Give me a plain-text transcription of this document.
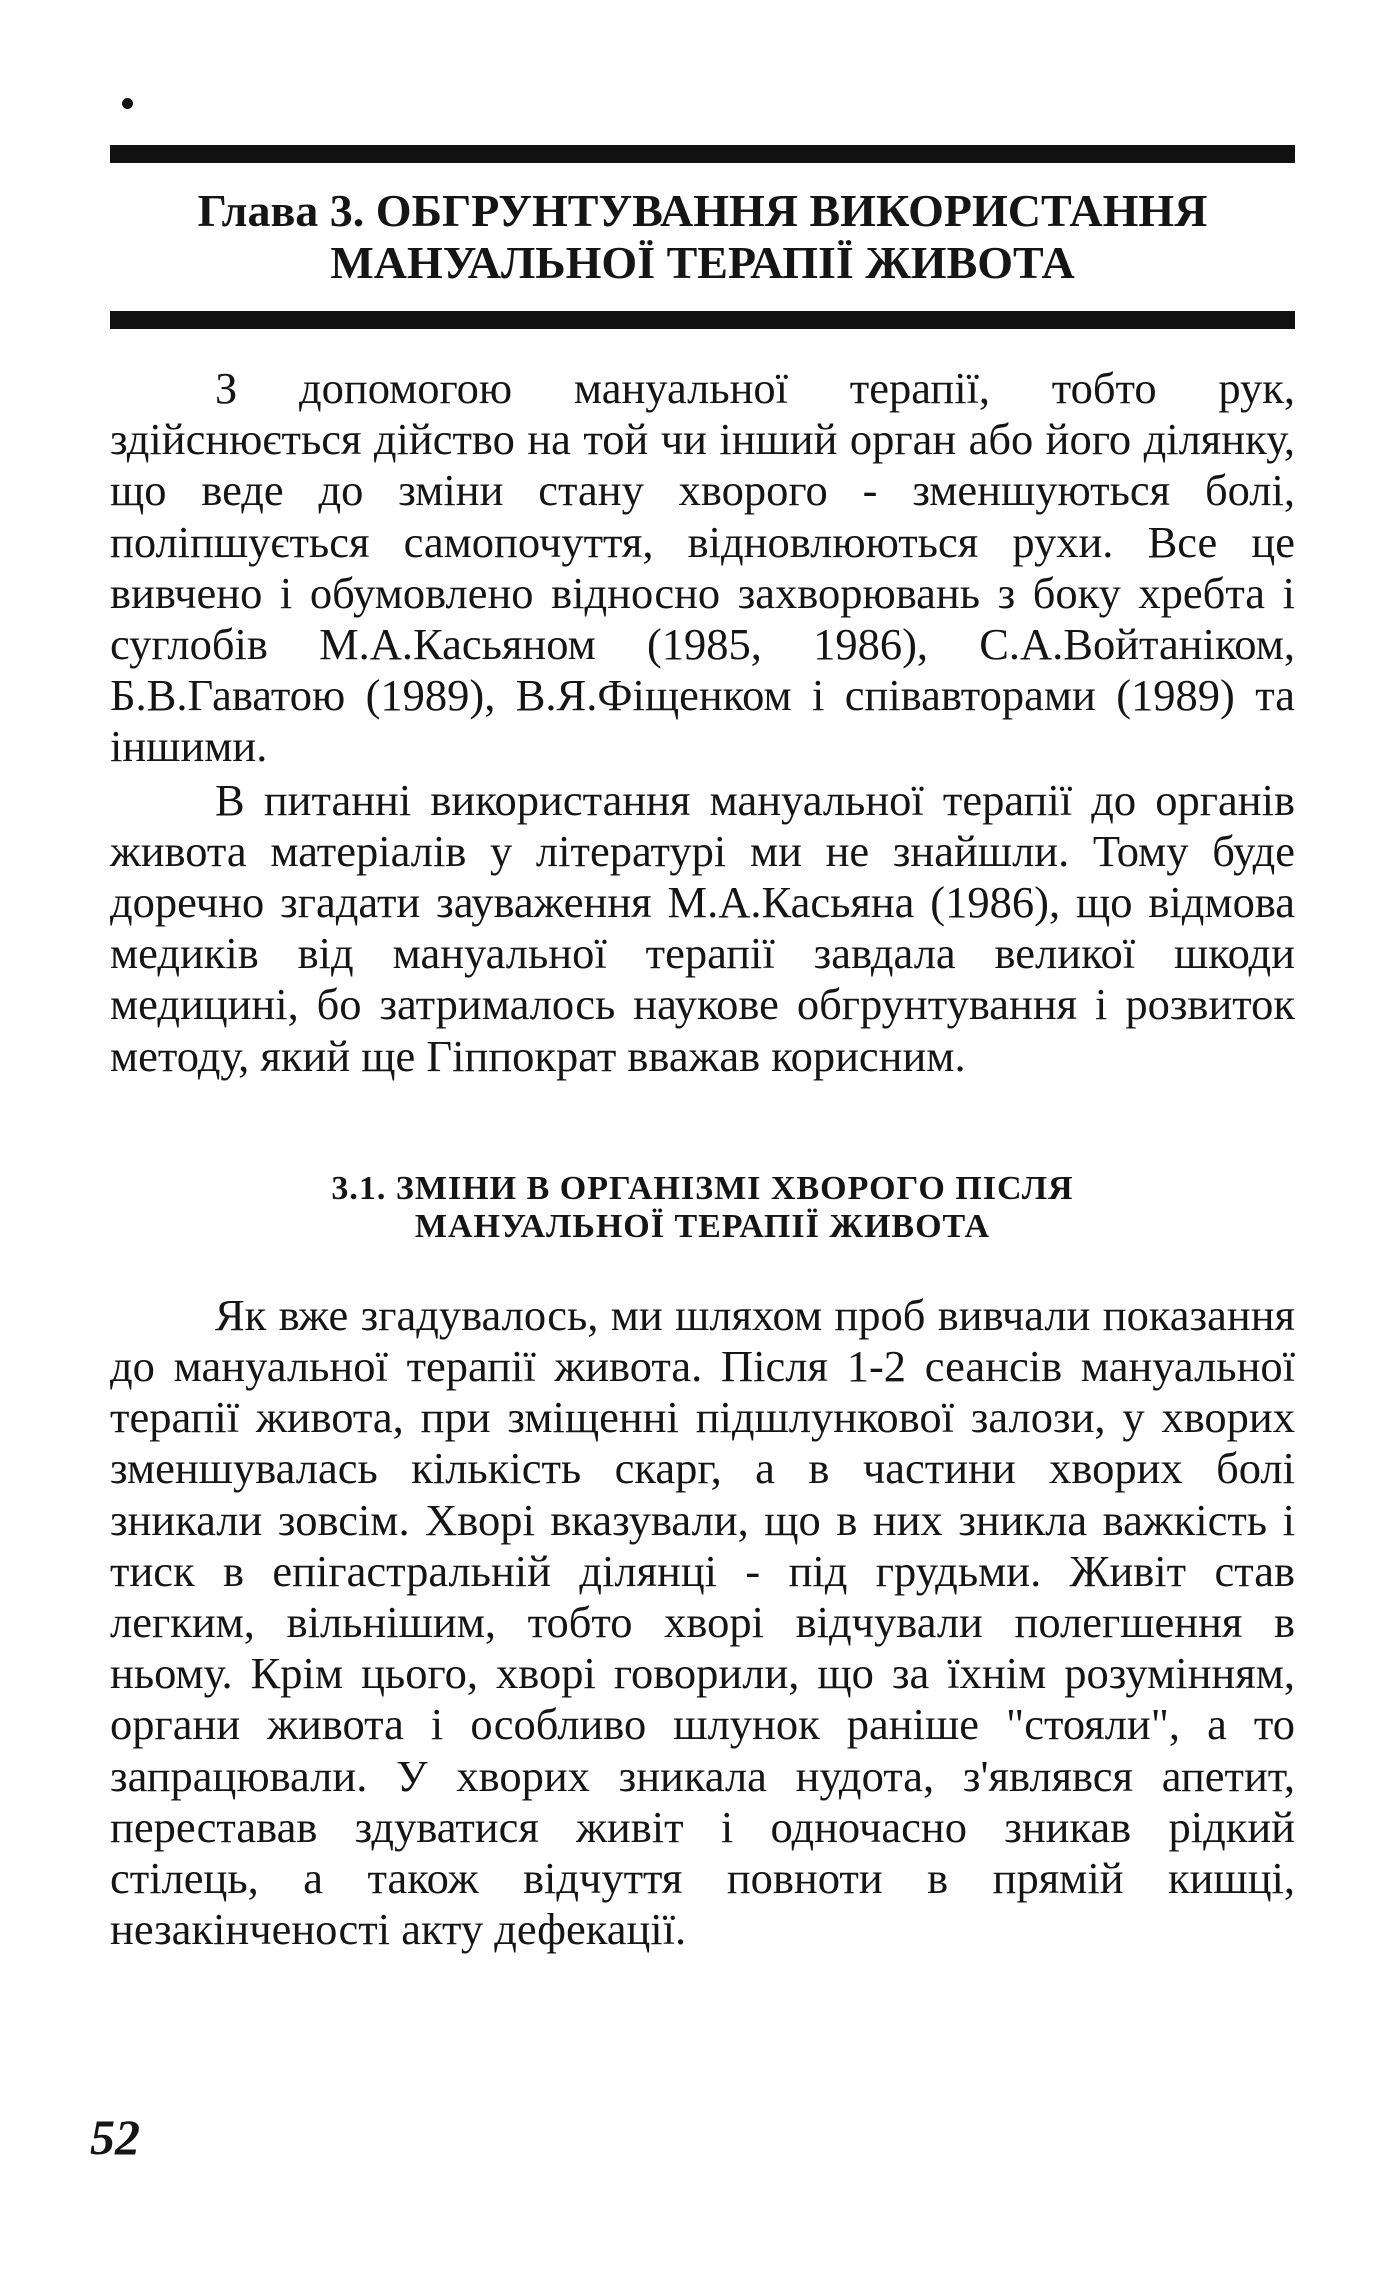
Глава 3. ОБГРУНТУВАННЯ ВИКОРИСТАННЯ
МАНУАЛЬНОЇ ТЕРАПІЇ ЖИВОТА

З допомогою мануальної терапії, тобто рук, здійснюється дійство на той чи інший орган або його ділянку, що веде до зміни стану хворого - зменшуються болі, поліпшується самопочуття, відновлюються рухи. Все це вивчено і обумовлено відносно захворювань з боку хребта і суглобів М.А.Касьяном (1985, 1986), С.А.Войтаніком, Б.В.Гаватою (1989), В.Я.Фіщенком і співавторами (1989) та іншими.

В питанні використання мануальної терапії до органів живота матеріалів у літературі ми не знайшли. Тому буде доречно згадати зауваження М.А.Касьяна (1986), що відмова медиків від мануальної терапії завдала великої шкоди медицині, бо затрималось наукове обгрунтування і розвиток методу, який ще Гіппократ вважав корисним.

3.1. ЗМІНИ В ОРГАНІЗМІ ХВОРОГО ПІСЛЯ
МАНУАЛЬНОЇ ТЕРАПІЇ ЖИВОТА

Як вже згадувалось, ми шляхом проб вивчали показання до мануальної терапії живота. Після 1-2 сеансів мануальної терапії живота, при зміщенні підшлункової залози, у хворих зменшувалась кількість скарг, а в частини хворих болі зникали зовсім. Хворі вказували, що в них зникла важкість і тиск в епігастральній ділянці - під грудьми. Живіт став легким, вільнішим, тобто хворі відчували полегшення в ньому. Крім цього, хворі говорили, що за їхнім розумінням, органи живота і особливо шлунок раніше "стояли", а то запрацювали. У хворих зникала нудота, з'являвся апетит, переставав здуватися живіт і одночасно зникав рідкий стілець, а також відчуття повноти в прямій кишці, незакінченості акту дефекації.

52
